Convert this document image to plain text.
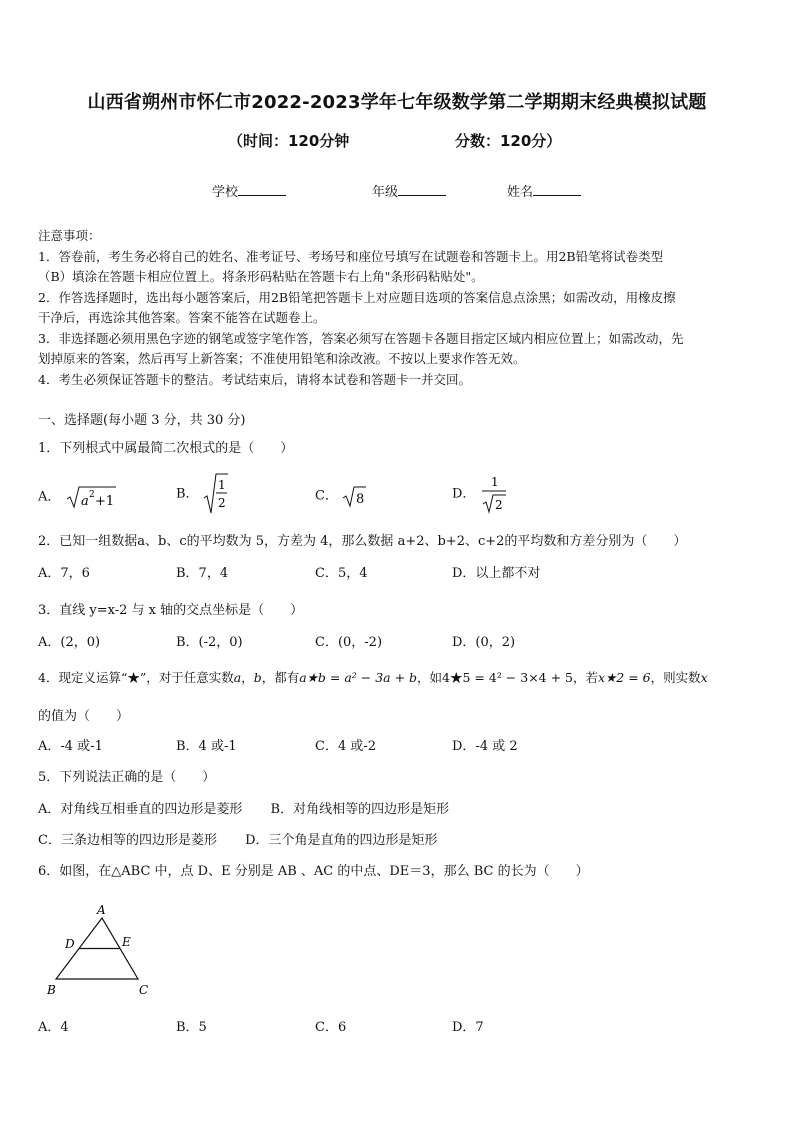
山西省朔州市怀仁市2022-2023学年七年级数学第二学期期末经典模拟试题
（时间：120分钟	分数：120分）
学校	年级	姓名

注意事项：

1．答卷前，考生务必将自己的姓名、准考证号、考场号和座位号填写在试题卷和答题卡上。用2B铅笔将试卷类型

（B）填涂在答题卡相应位置上。将条形码粘贴在答题卡右上角"条形码粘贴处"。

2．作答选择题时，选出每小题答案后，用2B铅笔把答题卡上对应题目选项的答案信息点涂黑；如需改动，用橡皮擦

干净后，再选涂其他答案。答案不能答在试题卷上。

3．非选择题必须用黑色字迹的钢笔或签字笔作答，答案必须写在答题卡各题目指定区域内相应位置上；如需改动，先

划掉原来的答案，然后再写上新答案；不准使用铅笔和涂改液。不按以上要求作答无效。

4．考生必须保证答题卡的整洁。考试结束后，请将本试卷和答题卡一并交回。

一、选择题(每小题 3 分，共 30 分)
1．下列根式中属最简二次根式的是（　　）
A． a 2 +1	B．
1
2	C． 8	D．
1
2
2．已知一组数据a、b、c的平均数为 5，方差为 4，那么数据 a+2、b+2、c+2的平均数和方差分别为（　　）
A．7，6	B．7，4	C．5，4	D．以上都不对
3．直线 y=x-2 与 x 轴的交点坐标是（　　）
A．(2，0)	B．(-2，0)	C．(0，-2)	D．(0，2)
4．现定义运算“★”，对于任意实数a，b，都有a★b = a² − 3a + b，如4★5 = 4² − 3×4 + 5，若x★2 = 6，则实数x
的值为（　　）
A．-4 或-1	B．4 或-1	C．4 或-2	D．-4 或 2
5．下列说法正确的是（　　）
A．对角线互相垂直的四边形是菱形 B．对角线相等的四边形是矩形
C．三条边相等的四边形是菱形 D．三个角是直角的四边形是矩形
6．如图，在△ABC 中，点 D、E 分别是 AB 、AC 的中点、DE＝3，那么 BC 的长为（　　）
A
D	E
B	C
A．4	B．5	C．6	D．7
